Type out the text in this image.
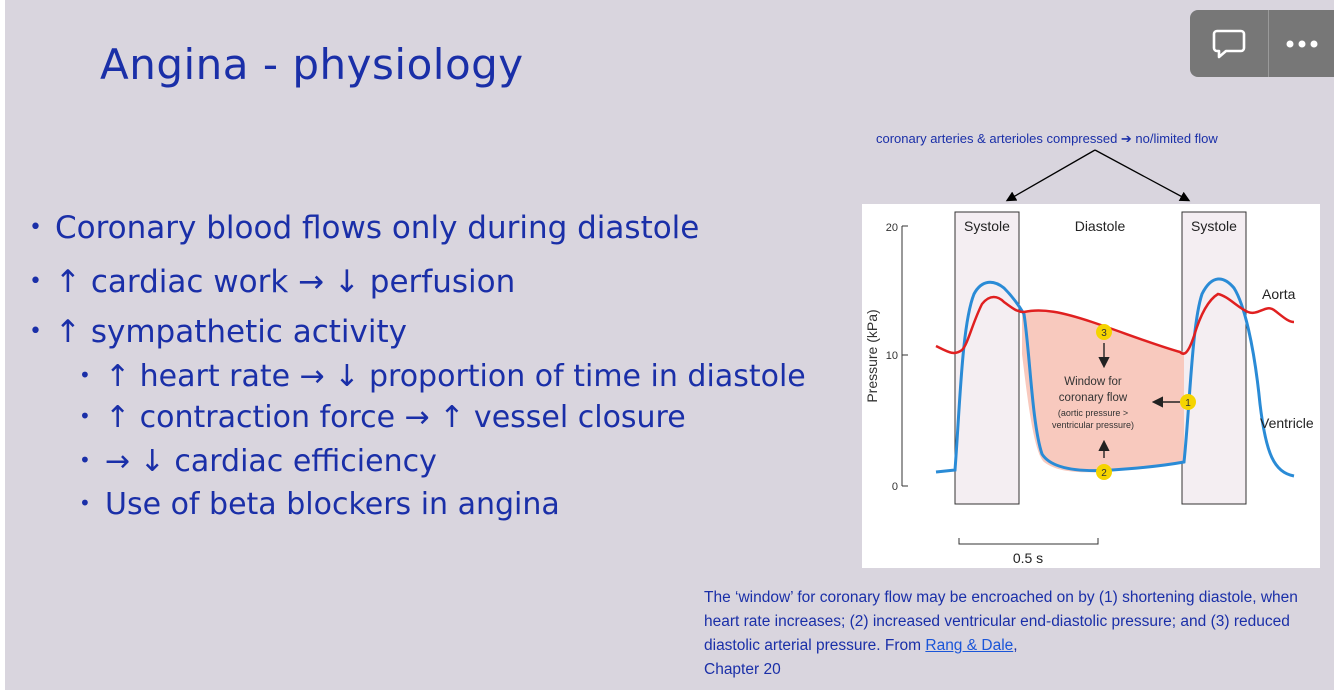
Angina - physiology
• Coronary blood flows only during diastole
• ↑ cardiac work → ↓ perfusion
• ↑ sympathetic activity
• ↑ heart rate → ↓ proportion of time in diastole
• ↑ contraction force → ↑ vessel closure
• → ↓ cardiac efficiency
• Use of beta blockers in angina
coronary arteries & arterioles compressed ➔ no/limited flow
20
10
0
Pressure (kPa)
Systole	Diastole	Systole
Aorta
Ventricle
Window for
coronary flow
(aortic pressure >
ventricular pressure)
3
2
1
0.5 s
The ‘window’ for coronary flow may be encroached on by (1) shortening diastole, when heart rate increases; (2) increased ventricular end-diastolic pressure; and (3) reduced diastolic arterial pressure. From Rang & Dale,
Chapter 20
